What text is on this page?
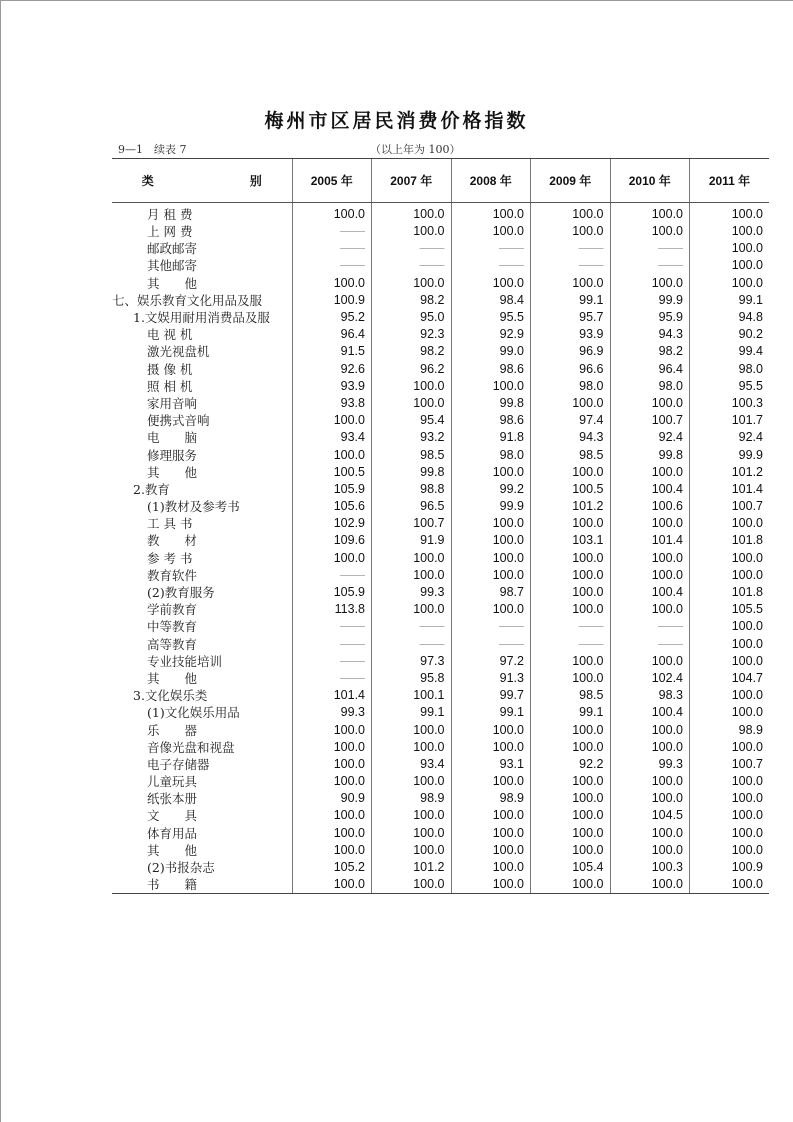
梅州市区居民消费价格指数
9—1　续表 7	（以上年为 100）
类　　别	2005 年	2007 年	2008 年	2009 年	2010 年	2011 年
月 租 费	100.0	100.0	100.0	100.0	100.0	100.0
上 网 费	——	100.0	100.0	100.0	100.0	100.0
邮政邮寄	——	——	——	——	——	100.0
其他邮寄	——	——	——	——	——	100.0
其　　他	100.0	100.0	100.0	100.0	100.0	100.0
七、娱乐教育文化用品及服	100.9	98.2	98.4	99.1	99.9	99.1
1.文娱用耐用消费品及服	95.2	95.0	95.5	95.7	95.9	94.8
电 视 机	96.4	92.3	92.9	93.9	94.3	90.2
激光视盘机	91.5	98.2	99.0	96.9	98.2	99.4
摄 像 机	92.6	96.2	98.6	96.6	96.4	98.0
照 相 机	93.9	100.0	100.0	98.0	98.0	95.5
家用音响	93.8	100.0	99.8	100.0	100.0	100.3
便携式音响	100.0	95.4	98.6	97.4	100.7	101.7
电　　脑	93.4	93.2	91.8	94.3	92.4	92.4
修理服务	100.0	98.5	98.0	98.5	99.8	99.9
其　　他	100.5	99.8	100.0	100.0	100.0	101.2
2.教育	105.9	98.8	99.2	100.5	100.4	101.4
(1)教材及参考书	105.6	96.5	99.9	101.2	100.6	100.7
工 具 书	102.9	100.7	100.0	100.0	100.0	100.0
教　　材	109.6	91.9	100.0	103.1	101.4	101.8
参 考 书	100.0	100.0	100.0	100.0	100.0	100.0
教育软件	——	100.0	100.0	100.0	100.0	100.0
(2)教育服务	105.9	99.3	98.7	100.0	100.4	101.8
学前教育	113.8	100.0	100.0	100.0	100.0	105.5
中等教育	——	——	——	——	——	100.0
高等教育	——	——	——	——	——	100.0
专业技能培训	——	97.3	97.2	100.0	100.0	100.0
其　　他	——	95.8	91.3	100.0	102.4	104.7
3.文化娱乐类	101.4	100.1	99.7	98.5	98.3	100.0
(1)文化娱乐用品	99.3	99.1	99.1	99.1	100.4	100.0
乐　　器	100.0	100.0	100.0	100.0	100.0	98.9
音像光盘和视盘	100.0	100.0	100.0	100.0	100.0	100.0
电子存储器	100.0	93.4	93.1	92.2	99.3	100.7
儿童玩具	100.0	100.0	100.0	100.0	100.0	100.0
纸张本册	90.9	98.9	98.9	100.0	100.0	100.0
文　　具	100.0	100.0	100.0	100.0	104.5	100.0
体育用品	100.0	100.0	100.0	100.0	100.0	100.0
其　　他	100.0	100.0	100.0	100.0	100.0	100.0
(2)书报杂志	105.2	101.2	100.0	105.4	100.3	100.9
书　　籍	100.0	100.0	100.0	100.0	100.0	100.0
